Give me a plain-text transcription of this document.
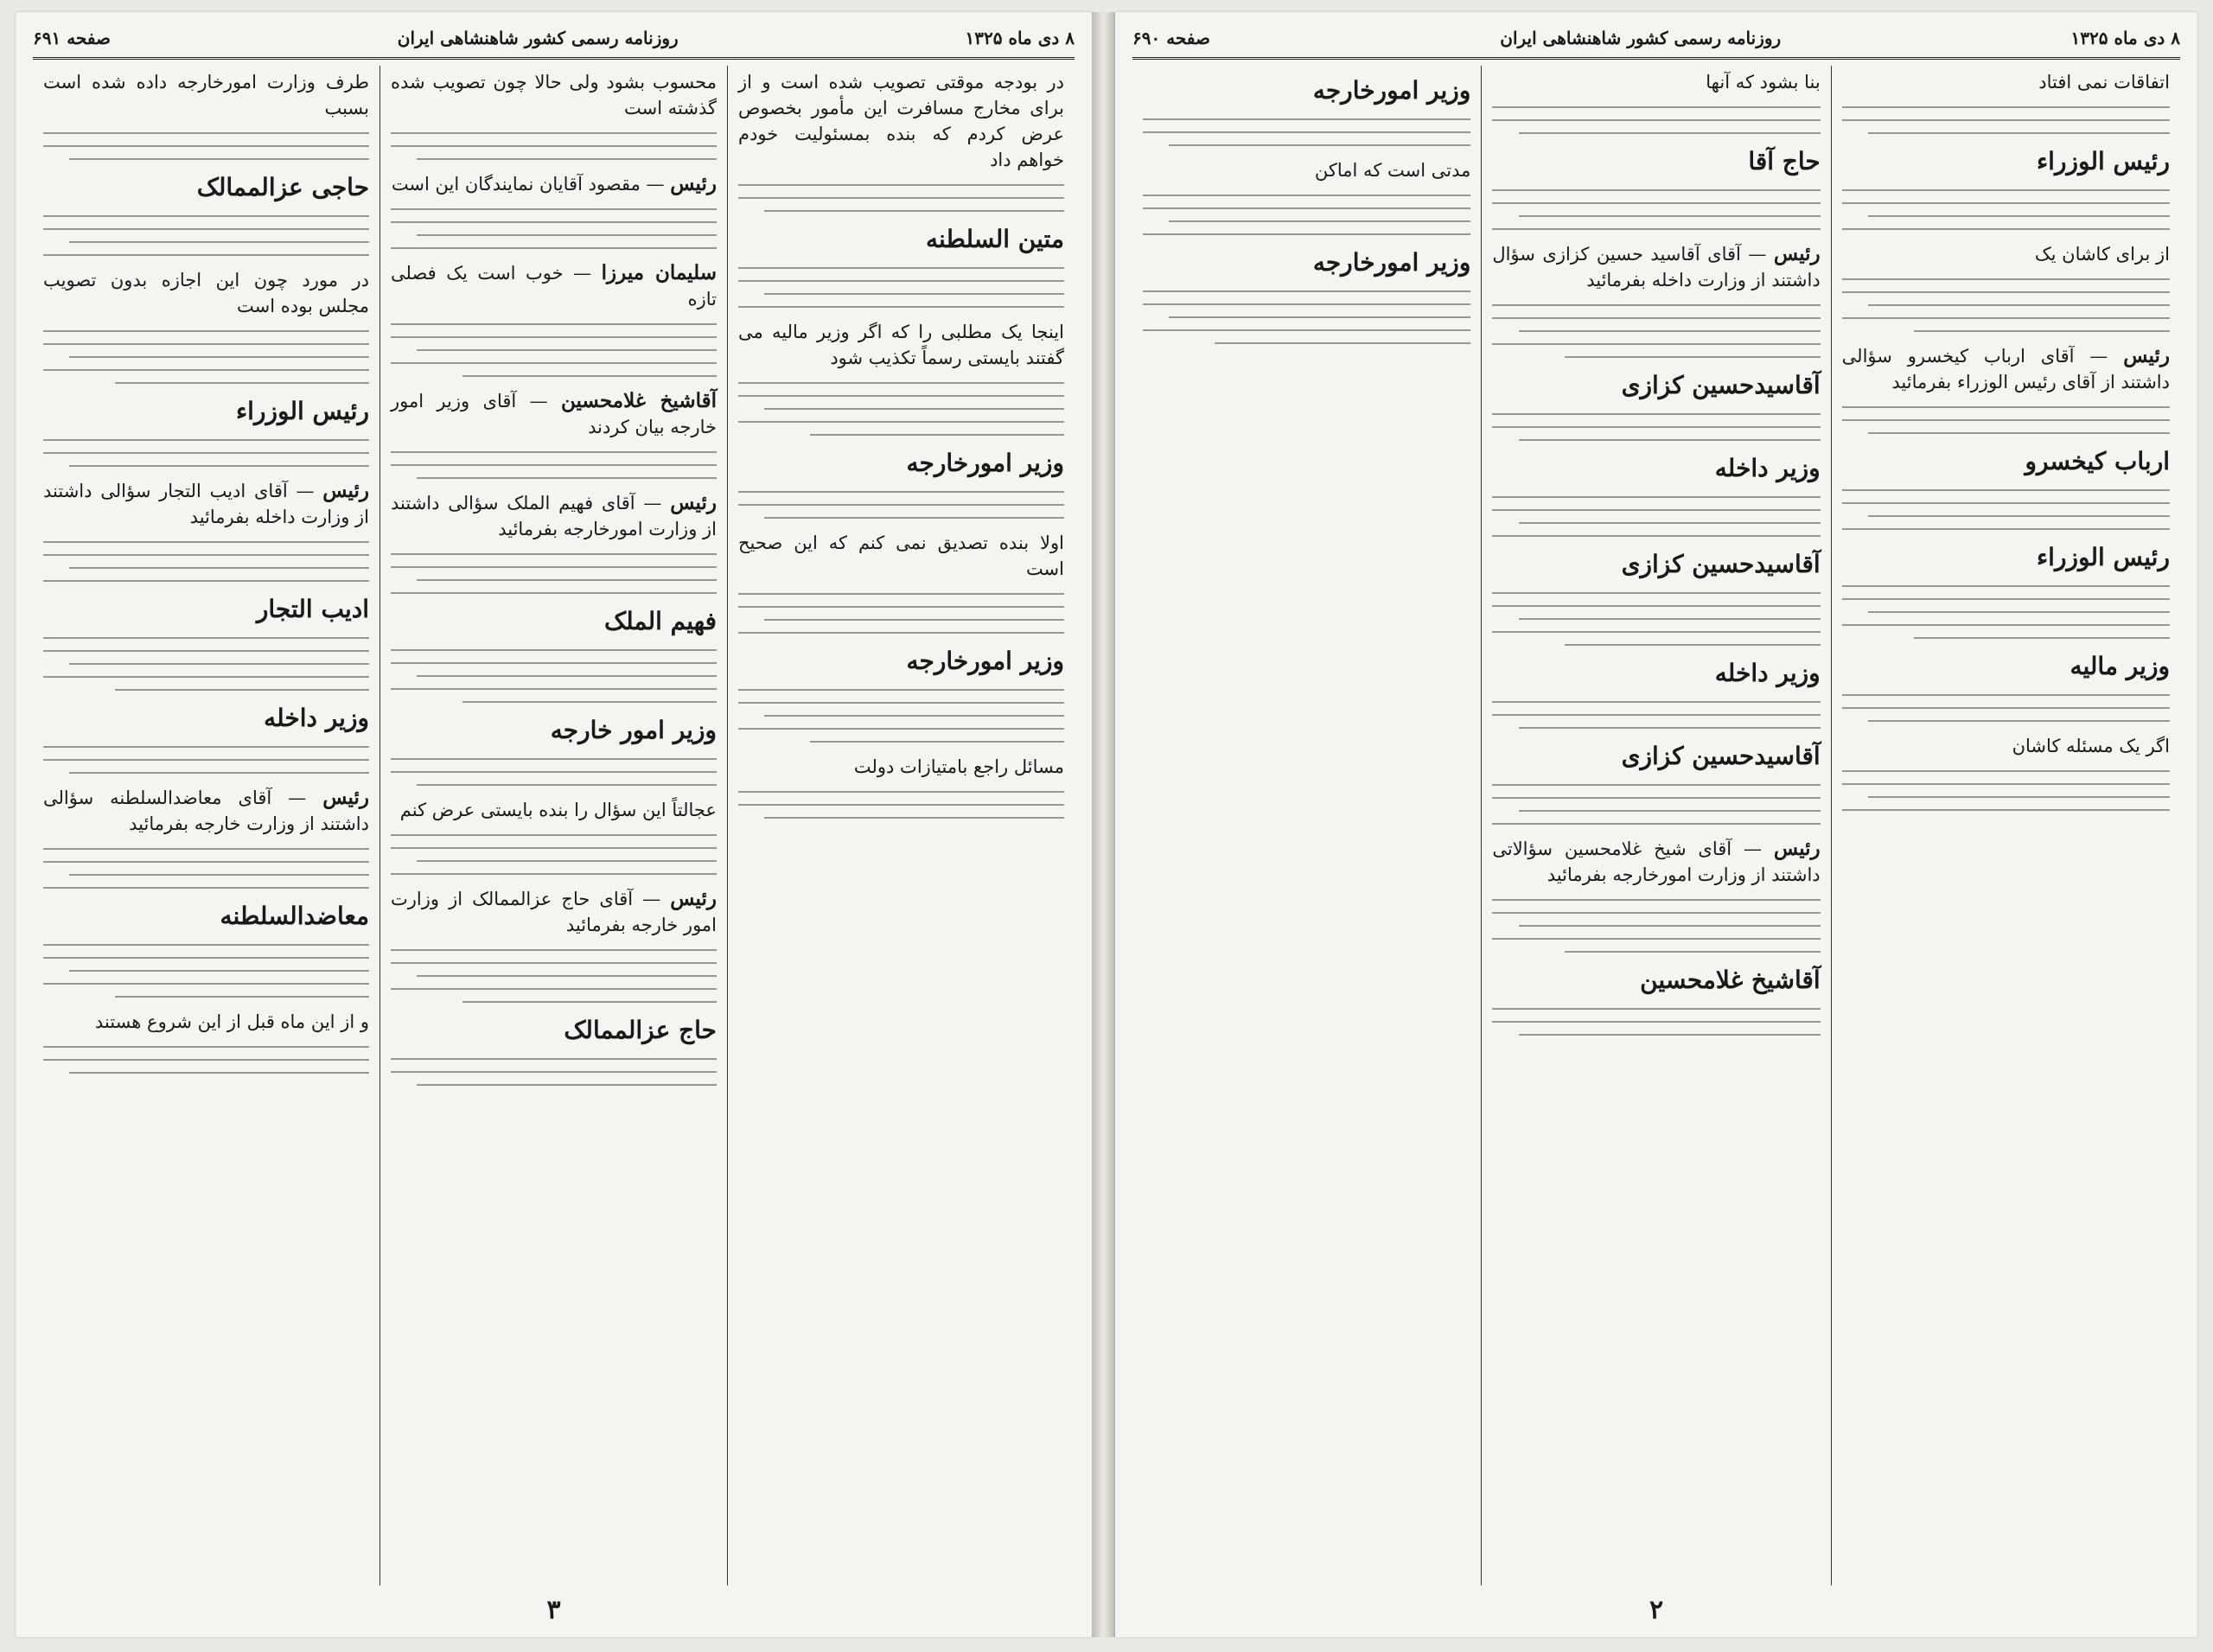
صفحه ۶۹۱	روزنامه رسمی کشور شاهنشاهی ایران	۸ دی ماه ۱۳۲۵

در بودجه موقتی تصویب شده است و از برای مخارج مسافرت این مأمور بخصوص عرض کردم که بنده بمسئولیت خودم خواهم داد

متین السلطنه

اینجا یک مطلبی را که اگر وزیر مالیه می گفتند بایستی رسماً تکذیب شود

وزیر امورخارجه

اولا بنده تصدیق نمی کنم که این صحیح است

وزیر امورخارجه

مسائل راجع بامتیازات دولت

محسوب بشود ولی حالا چون تصویب شده گذشته است

رئیس — مقصود آقایان نمایندگان این است

سلیمان میرزا — خوب است یک فصلی تازه

آقاشیخ غلامحسین — آقای وزیر امور خارجه بیان کردند

رئیس — آقای فهیم الملک سؤالی داشتند از وزارت امورخارجه بفرمائید

فهیم الملک
وزیر امور خارجه

عجالتاً این سؤال را بنده بایستی عرض کنم

رئیس — آقای حاج عزالممالک از وزارت امور خارجه بفرمائید

حاج عزالممالک

طرف وزارت امورخارجه داده شده است بسبب

حاجی عزالممالک

در مورد چون این اجازه بدون تصویب مجلس بوده است

رئیس الوزراء

رئیس — آقای ادیب التجار سؤالی داشتند از وزارت داخله بفرمائید

ادیب التجار
وزیر داخله

رئیس — آقای معاضدالسلطنه سؤالی داشتند از وزارت خارجه بفرمائید

معاضدالسلطنه

و از این ماه قبل از این شروع هستند

۳
صفحه ۶۹۰	روزنامه رسمی کشور شاهنشاهی ایران	۸ دی ماه ۱۳۲۵

اتفاقات نمی افتاد

رئیس الوزراء

از برای کاشان یک

رئیس — آقای ارباب کیخسرو سؤالی داشتند از آقای رئیس الوزراء بفرمائید

ارباب کیخسرو
رئیس الوزراء
وزیر مالیه

اگر یک مسئله کاشان

بنا بشود که آنها

حاج آقا

رئیس — آقای آقاسید حسین کزازی سؤال داشتند از وزارت داخله بفرمائید

آقاسیدحسین کزازی
وزیر داخله
آقاسیدحسین کزازی
وزیر داخله
آقاسیدحسین کزازی

رئیس — آقای شیخ غلامحسین سؤالاتی داشتند از وزارت امورخارجه بفرمائید

آقاشیخ غلامحسین
وزیر امورخارجه

مدتی است که اماکن

وزیر امورخارجه
۲
